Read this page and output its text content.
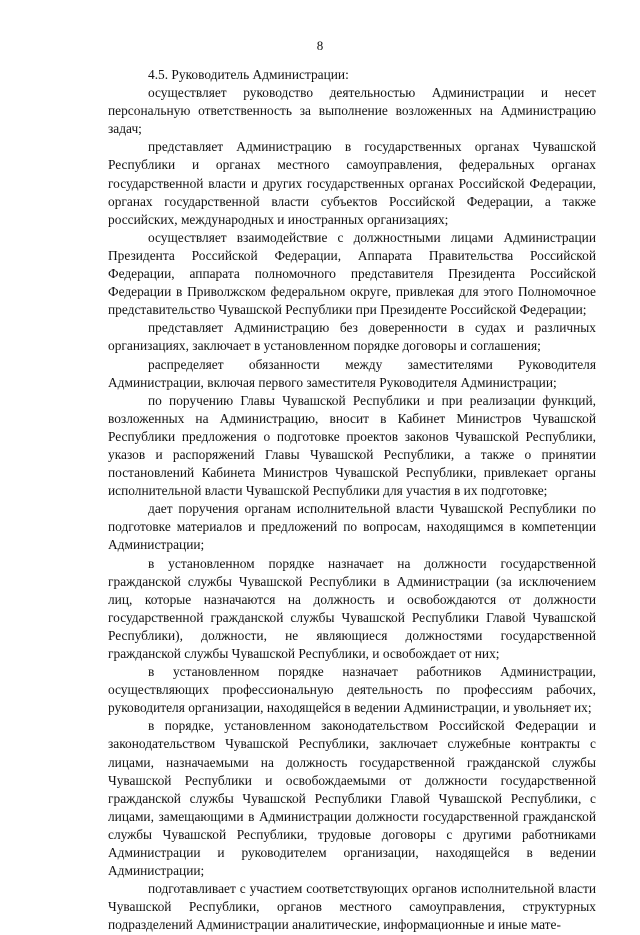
8

4.5. Руководитель Администрации:

осуществляет руководство деятельностью Администрации и несет персональную ответственность за выполнение возложенных на Администрацию задач;

представляет Администрацию в государственных органах Чувашской Республики и органах местного самоуправления, федеральных органах государственной власти и других государственных органах Российской Федерации, органах государственной власти субъектов Российской Федерации, а также российских, международных и иностранных организациях;

осуществляет взаимодействие с должностными лицами Администрации Президента Российской Федерации, Аппарата Правительства Российской Федерации, аппарата полномочного представителя Президента Российской Федерации в Приволжском федеральном округе, привлекая для этого Полномочное представительство Чувашской Республики при Президенте Российской Федерации;

представляет Администрацию без доверенности в судах и различных организациях, заключает в установленном порядке договоры и соглашения;

распределяет обязанности между заместителями Руководителя Администрации, включая первого заместителя Руководителя Администрации;

по поручению Главы Чувашской Республики и при реализации функций, возложенных на Администрацию, вносит в Кабинет Министров Чувашской Республики предложения о подготовке проектов законов Чувашской Республики, указов и распоряжений Главы Чувашской Республики, а также о принятии постановлений Кабинета Министров Чувашской Республики, привлекает органы исполнительной власти Чувашской Республики для участия в их подготовке;

дает поручения органам исполнительной власти Чувашской Республики по подготовке материалов и предложений по вопросам, находящимся в компетенции Администрации;

в установленном порядке назначает на должности государственной гражданской службы Чувашской Республики в Администрации (за исключением лиц, которые назначаются на должность и освобождаются от должности государственной гражданской службы Чувашской Республики Главой Чувашской Республики), должности, не являющиеся должностями государственной гражданской службы Чувашской Республики, и освобождает от них;

в установленном порядке назначает работников Администрации, осуществляющих профессиональную деятельность по профессиям рабочих, руководителя организации, находящейся в ведении Администрации, и увольняет их;

в порядке, установленном законодательством Российской Федерации и законодательством Чувашской Республики, заключает служебные контракты с лицами, назначаемыми на должность государственной гражданской службы Чувашской Республики и освобождаемыми от должности государственной гражданской службы Чувашской Республики Главой Чувашской Республики, с лицами, замещающими в Администрации должности государственной гражданской службы Чувашской Республики, трудовые договоры с другими работниками Администрации и руководителем организации, находящейся в ведении Администрации;

подготавливает с участием соответствующих органов исполнительной власти Чувашской Республики, органов местного самоуправления, структурных подразделений Администрации аналитические, информационные и иные мате-
